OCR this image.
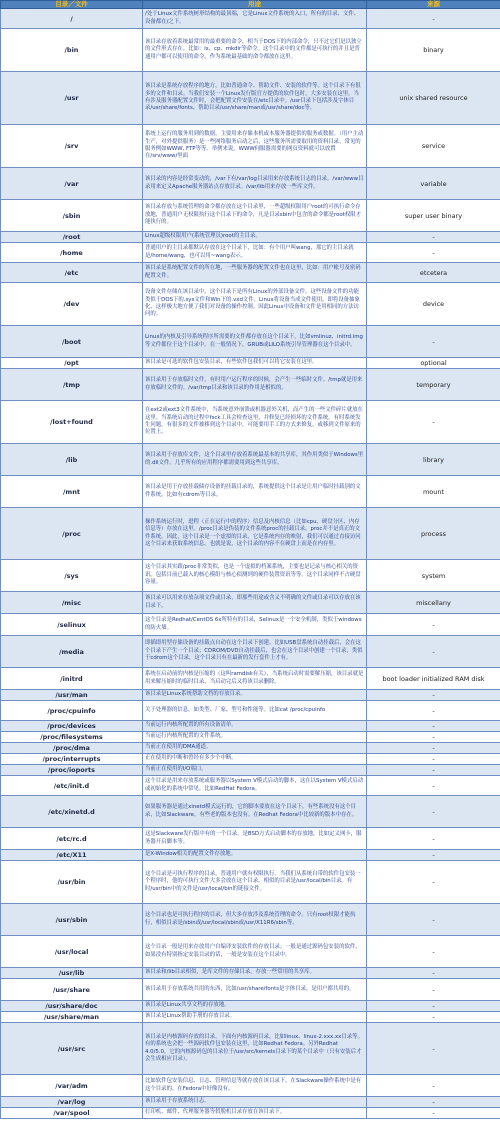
目录／文件	用途	来源
/	/处于Linux文件系统树形结构的最顶端，它是Linux文件系统的入口，所有的目录、文件、设备都在/之下。	-
/bin	该目录存放着系统最常用的最重要的命令，相当于DOS下的内部命令，只不过它们是以独立的文件形式存在。比如：ls、cp、mkdir等命令。这个目录中的文件都是可执行的并且是普通用户都可以使用的命令。作为系统最基础的命令都放在这里。	binary
/usr	该目录是系统存放程序的地方，比如普通命令、帮助文件、安装的软件等。这个目录下有很多的文件和目录。当我们安装一个Linux发行版官方提供的软件包时，大多安装在这里。当有涉及服务器配置文件时，会把配置文件安装在/etc目录中。/usr目录下包括涉及字体目录/usr/share/fonts、帮助目录/usr/share/man或/usr/share/doc等。	unix shared resource
/srv	系统上运行的服务用到的数据，主要用来存储本机或本服务器提供的服务或数据。（用户主动生产，对外提供服务）是一些网络服务启动之后，这些服务所需要取用的资料目录。常见的服务例如WWW, FTP等等。举例来说，WWW伺服器需要的网页资料就可以放置在/srv/www/里面	service
/var	该目录的内容是经常变动的，/var下有/var/log目录用来存放系统日志的目录。/var/www目录用来定义Apache服务器站点存放目录。/var/lib用来存放一些库文件。	variable
/sbin	该目录存放与系统管理的命令都存放在这个目录里，一些超级权限用户root的可执行命令存放地，普通用户无权限执行这个目录下的命令，凡是目录sbin中包含的命令都是root权限才能执行的。	super user binary
/root	Linux超级权限用户(系统管理员)root的主目录。	-
/home	普通用户的主目录都默认存放在这个目录下，比如：有个用户叫wang，那它的主目录就是/home/wang，也可以用~wang表示。	-
/etc	该目录是系统配置文件的所在地，一些服务器的配置文件也在这里，比如：用户帐号及密码配置文件。	etcetera
/dev	设备文件存储在该目录中，这个目录下是所有Linux的外部设备文件，这些设备文件的功能类似于DOS下的.sys文件和Win下的.vxd文件。Linux将设备当成文件使用，即将设备抽象化，这样极大地方便了我们对设备的操作控制。因此Linux中设备和文件是用相同的方法访问的。	device
/boot	Linux的内核及引导系统程序所需要的文件都存放在这个目录下，比如vmlinuz、initrd.img等文件都位于这个目录中。在一般情况下，GRUB或LILO系统引导管理器在这个目录中。	-
/opt	该目录是可选的软件包安装目录，有些软件包我们可以将它安装在这里。	optional
/tmp	该目录用于存放临时文件，有时用户运行程序的时候，会产生一些临时文件。/tmp就是用来存放临时文件的。/var/tmp目录和该目录的作用是相似的。	temporary
/lost+found	在ext2或ext3文件系统中，当系统意外崩溃或机器意外关机，而产生的一些文件碎片就放在这里。当系统启动的过程中fsck工具会检查这里，并修复已经损坏的文件系统。有时系统发生问题，有很多的文件被移到这个目录中，可能要用手工的方式来修复，或移到文件原来的位置上。	-
/lib	该目录用于存放库文件，这个目录里存放着系统最基本的共享库，其作用类似于Windows里的.dll文件。几乎所有的应用程序都需要用到这些共享库。	library
/mnt	该目录是用于存放挂载储存设备的挂载目录的，系统提供这个目录是让用户临时挂载别的文件系统，比如有cdrom等目录。	mount
/proc	操作系统运行时，进程（正在运行中的程序）信息及内核信息（比如cpu、硬盘分区、内存信息等）存放在这里。/proc目录是伪装的文件系统proc的挂载目录，proc并不是真正的文件系统。因此，这个目录是一个虚拟的目录，它是系统内存的映射，我们可以通过直接访问这个目录来获取系统信息。也就是说，这个目录的内容不在硬盘上而是在内存里。	process
/sys	这个目录其实跟/proc非常类似，也是一个虚拟的档案系统，主要也是记录与核心相关的资讯。包括目前已载入的核心模组与核心侦测到的硬件装置资讯等等。这个目录同样不占硬盘容量。	system
/misc	该目录可以用来存放杂项文件或目录，即那些用途或含义不明确的文件或目录可以存放在该目录下。	miscellany
/selinux	这个目录是Redhat/CentOS 6x所特有的目录，Selinux是一个安全机制，类似于windows的防火墙。	-
/media	即插即用型存储设备的挂载点自动在这个目录下创建。比如USB盘系统自动挂载后，会在这个目录下产生一个目录；CDROM/DVD自动挂载后，也会在这个目录中创建一个目录，类似于cdrom这个目录，这个目录只有在最新的发行套件上才有。	-
/initrd	系统在启动前的内核是压缩的（这叫ramdisk有关），当系统启动时需要解压缩，该目录就是用来解压缩时的临时目录，当启动完后又将该目录删除。	boot loader initialized RAM disk
/usr/man	该目录是Linux系统帮助文档的存放目录。	-
/proc/cpuinfo	关于处理器的信息，如类型、厂家、型号和性能等。比如cat /proc/cpuinfo	-
/proc/devices	当前运行内核所配置的所有设备清单。	-
/proc/filesystems	当前运行内核所配置的文件系统。	-
/proc/dma	当前正在使用的DMA通道。	-
/proc/interrupts	正在使用的中断和曾经有多少个中断。	-
/proc/ioports	当前正在使用的I/O端口。	-
/etc/init.d	这个目录是用来存放系统或服务器以System V模式启动的脚本，这在以System V模式启动或初始化的系统中常见。比如RedHat Fedora。	-
/etc/xinetd.d	如果服务器是通过xinetd模式运行的，它的脚本要放在这个目录下。有些系统没有这个目录，比如Slackware，有些老的版本也没有。在Redhat Fedora中比较新的版本中存在。	-
/etc/rc.d	这是Slackware发行版中有的一个目录，是BSD方式启动脚本的存放地，比如定义网卡，服务器开启脚本等。	-
/etc/X11	是X-Window相关的配置文件存放地。	-
/usr/bin	这个目录是可执行程序的目录，普通用户就有权限执行。当我们从系统自带的软件包安装一个程序时，他的可执行文件大多会放在这个目录。相似的目录是/usr/local/bin目录。有时/usr/bin中的文件是/usr/local/bin的链接文件。	-
/usr/sbin	这个目录也是可执行程序的目录，但大多存放涉及系统管理的命令。只有root权限才能执行，相似目录是/sbin或/usr/local/sbin或/usr/X11R6/sbin等。	-
/usr/local	这个目录一般是用来存放用户自编译安装软件的存放目录；一般是通过源码包安装的软件，如果没有特别指定安装目录的话，一般是安装在这个目录中。	-
/usr/lib	该目录和/lib目录相似，是库文件的存储目录。存放一些常用的共享库。	-
/usr/share	该目录用于存放系统共用的东西，比如/usr/share/fonts是字体目录，是用户都共用的。	-
/usr/share/doc	该目录是Linux共享文档的存放地。	-
/usr/share/man	该目录是Linux帮助手册的存放目录。	-
/usr/src	该目录是内核源码存放的目录，下面有内核源码目录，比如linux、linux-2.xxx.xx目录等。有的系统也会把一些源码软件包安装在这里，比如Redhat Fedora。另外Redhat 4.0/5.0，它的内核源码包的目录位于/usr/src/kernels目录下的某个目录中（只有安装后才会生成相应目录）。	-
/var/adm	比如软件包安装信息、日志、管理信息等就存放在该目录下，在Slackware操作系统中是有这个目录的。在Fedora中好像没有。	-
/var/log	该目录用于存放系统日志。	-
/var/spool	打印机、邮件、代理服务器等假脱机目录存放在该目录下。	-
